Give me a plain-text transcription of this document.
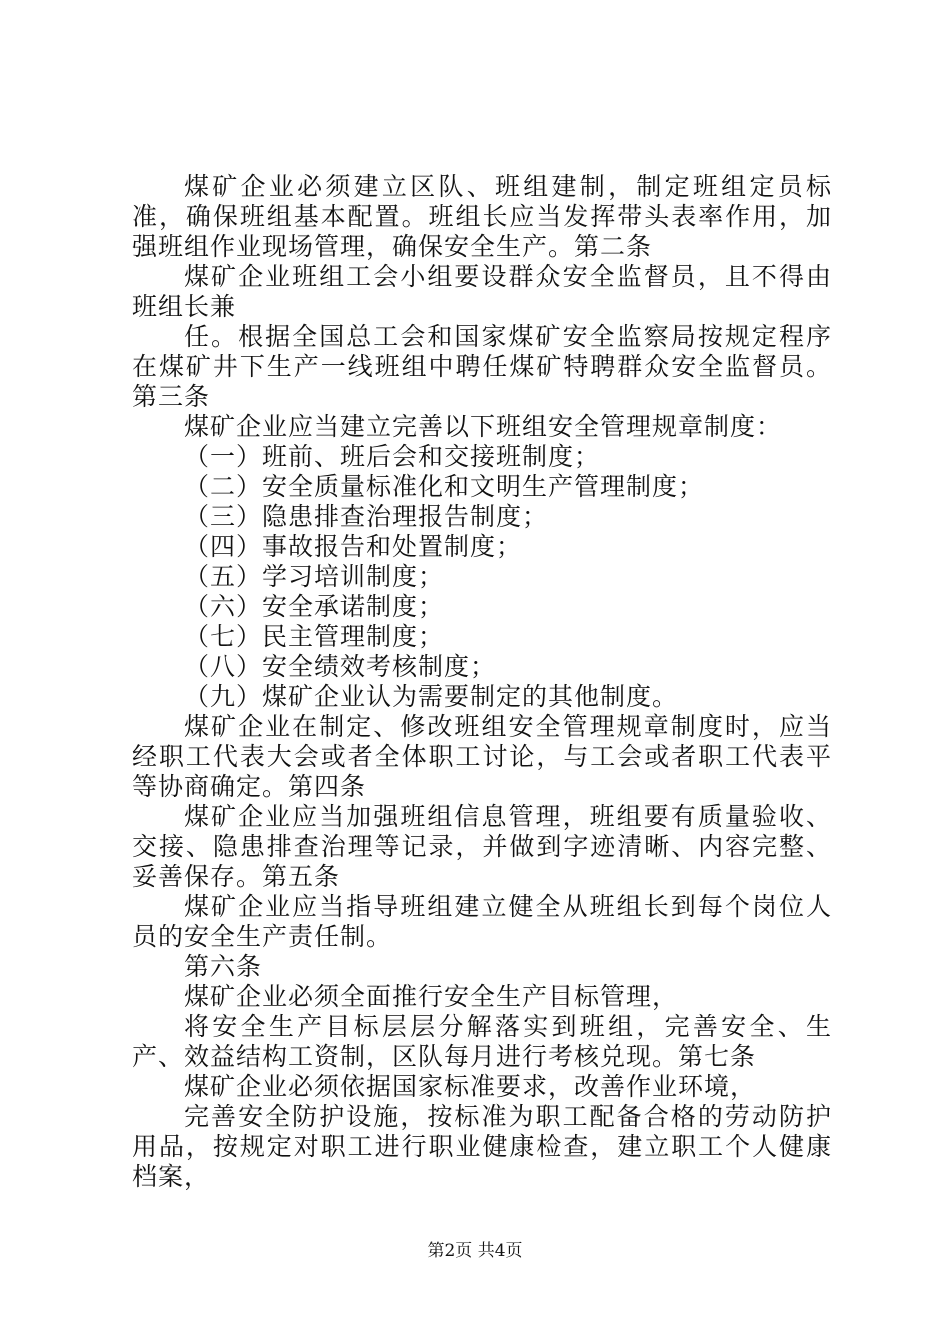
煤矿企业必须建立区队、班组建制，制定班组定员标准，确保班组基本配置。班组长应当发挥带头表率作用，加强班组作业现场管理，确保安全生产。第二条

煤矿企业班组工会小组要设群众安全监督员，且不得由班组长兼

任。根据全国总工会和国家煤矿安全监察局按规定程序在煤矿井下生产一线班组中聘任煤矿特聘群众安全监督员。第三条

煤矿企业应当建立完善以下班组安全管理规章制度：

（一）班前、班后会和交接班制度；

（二）安全质量标准化和文明生产管理制度；

（三）隐患排查治理报告制度；

（四）事故报告和处置制度；

（五）学习培训制度；

（六）安全承诺制度；

（七）民主管理制度；

（八）安全绩效考核制度；

（九）煤矿企业认为需要制定的其他制度。

煤矿企业在制定、修改班组安全管理规章制度时，应当经职工代表大会或者全体职工讨论，与工会或者职工代表平等协商确定。第四条

煤矿企业应当加强班组信息管理，班组要有质量验收、交接、隐患排查治理等记录，并做到字迹清晰、内容完整、妥善保存。第五条

煤矿企业应当指导班组建立健全从班组长到每个岗位人员的安全生产责任制。

第六条

煤矿企业必须全面推行安全生产目标管理，

将安全生产目标层层分解落实到班组，完善安全、生产、效益结构工资制，区队每月进行考核兑现。第七条

煤矿企业必须依据国家标准要求，改善作业环境，

完善安全防护设施，按标准为职工配备合格的劳动防护用品，按规定对职工进行职业健康检查，建立职工个人健康档案，

第2页 共4页
